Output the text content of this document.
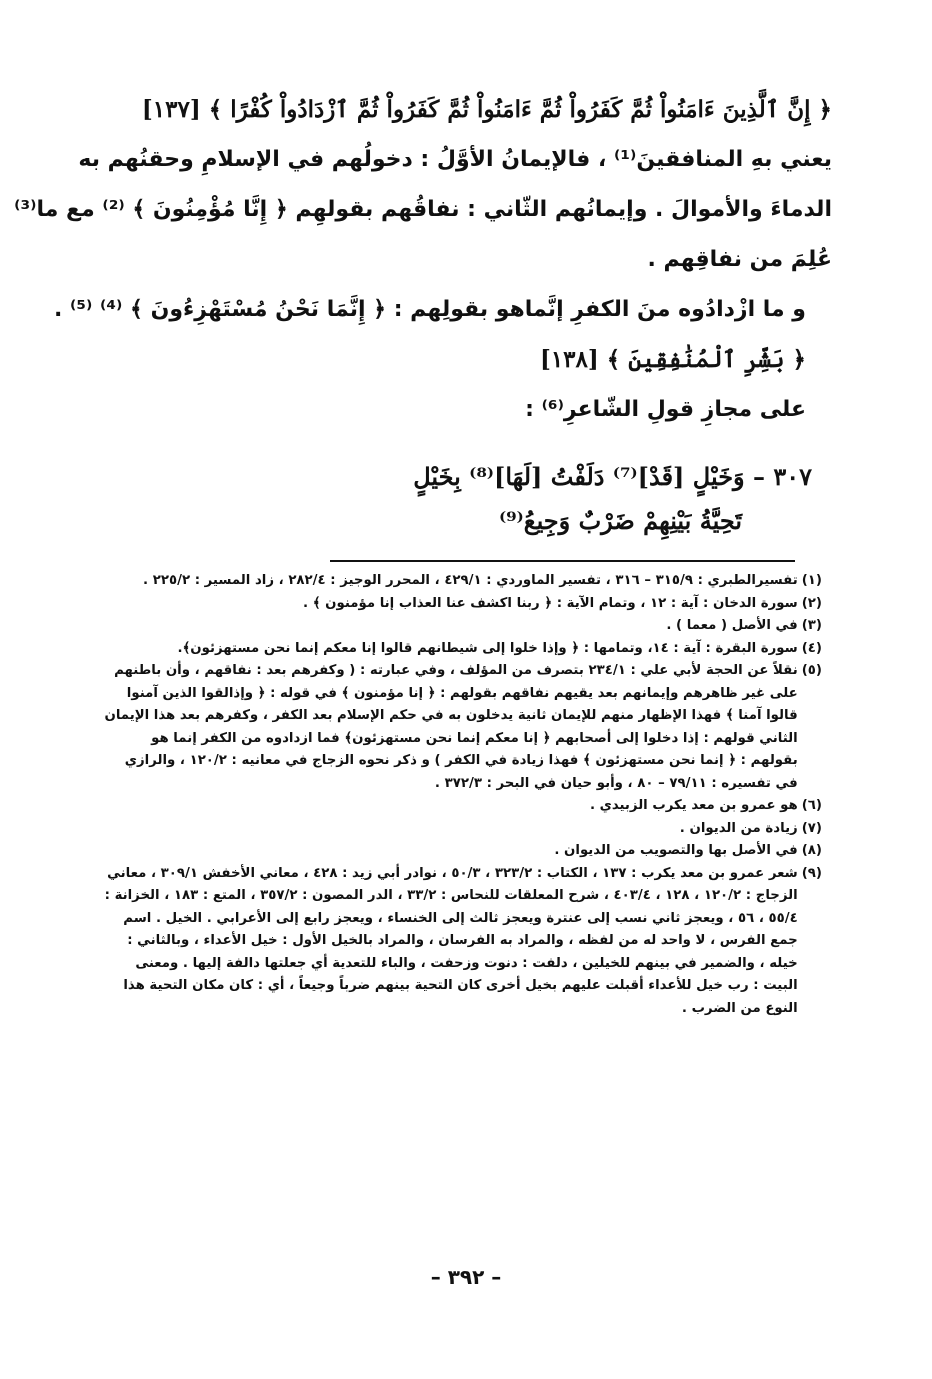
﴿ إِنَّ ٱلَّذِينَ ءَامَنُواْ ثُمَّ كَفَرُواْ ثُمَّ ءَامَنُواْ ثُمَّ كَفَرُواْ ثُمَّ ٱزْدَادُواْ كُفْرًا ﴾ [١٣٧]
يعني بهِ المنافقينَ⁽¹⁾ ، فالإيمانُ الأوَّلُ : دخولُهم في الإسلامِ وحقنُهم به
الدماءَ والأموالَ . وإيمانُهم الثّاني : نفاقُهم بقولهِم ﴿ إِنَّا مُؤْمِنُونَ ﴾ ⁽²⁾ مع ما⁽³⁾
عُلِمَ من نفاقِهم .
و ما ازْدادُوه منَ الكفرِ إنَّماهو بقولِهم : ﴿ إِنَّمَا نَحْنُ مُسْتَهْزِءُونَ ﴾ ⁽⁴⁾ ⁽⁵⁾ .
﴿ بَشِّرِ ٱلْمُنَٰفِقِينَ ﴾ [١٣٨]
على مجازِ قولِ الشّاعرِ⁽⁶⁾ :
٣٠٧ – وَخَيْلٍ [قَدْ]⁽⁷⁾ دَلَفْتُ [لَهَا]⁽⁸⁾ بِخَيْلٍ
تَحِيَّةُ بَيْنِهِمْ ضَرْبٌ وَجِيعُ⁽⁹⁾
(١)
تفسيرالطبري : ٣١٥/٩ – ٣١٦ ، تفسير الماوردي : ٤٢٩/١ ، المحرر الوجيز : ٢٨٢/٤ ، زاد المسير : ٢٢٥/٢ .
(٢)
سورة الدخان : آية : ١٢ ، وتمام الآية : ﴿ ربنا اكشف عنا العذاب إنا مؤمنون ﴾ .
(٣)
في الأصل ( معما ) .
(٤)
سورة البقرة : آية : ١٤، وتمامها : ﴿ وإذا خلوا إلى شيطانهم قالوا إنا معكم إنما نحن مستهزئون﴾.
(٥)
نقلاً عن الحجة لأبي علي : ٢٣٤/١ بتصرف من المؤلف ، وفي عبارته : ( وكفرهم بعد : نفاقهم ، وأن باطنهم على غير ظاهرهم وإيمانهم بعد يقيهم نفاقهم بقولهم : ﴿ إنا مؤمنون ﴾ في قوله : ﴿ وإذالقوا الذين آمنوا قالوا آمنا ﴾ فهذا الإظهار منهم للإيمان ثانية يدخلون به في حكم الإسلام بعد الكفر ، وكفرهم بعد هذا الإيمان الثاني قولهم : إذا دخلوا إلى أصحابهم ﴿ إنا معكم إنما نحن مستهزئون﴾ فما ازدادوه من الكفر إنما هو بقولهم : ﴿ إنما نحن مستهزئون ﴾ فهذا زيادة في الكفر ) و ذكر نحوه الزجاج في معانيه : ١٢٠/٢ ، والرازي في تفسيره : ٧٩/١١ – ٨٠ ، وأبو حيان في البحر : ٣٧٢/٣ .
(٦)
هو عمرو بن معد يكرب الزبيدي .
(٧)
زيادة من الديوان .
(٨)
في الأصل بها والتصويب من الديوان .
(٩)
شعر عمرو بن معد يكرب : ١٣٧ ، الكتاب : ٣٢٣/٢ ، ٥٠/٣ ، نوادر أبي زيد : ٤٢٨ ، معاني الأخفش ٣٠٩/١ ، معاني الزجاج : ١٢٠/٢ ، ١٢٨ ، ٤٠٣/٤ ، شرح المعلقات للنحاس : ٣٣/٢ ، الدر المصون : ٣٥٧/٢ ، المتع : ١٨٣ ، الخزانة : ٥٥/٤ ، ٥٦ ، ويعجز ثاني نسب إلى عنترة ويعجز ثالث إلى الخنساء ، ويعجز رابع إلى الأعرابي . الخيل . اسم جمع الفرس ، لا واحد له من لفظه ، والمراد به الفرسان ، والمراد بالخيل الأول : خيل الأعداء ، وبالثاني : خيله ، والضمير في بينهم للخيلين ، دلفت : دنوت وزحفت ، والباء للتعدية أي جعلتها دالفة إليها . ومعنى البيت : رب خيل للأعداء أقبلت عليهم بخيل أخرى كان التحية بينهم ضرباً وجيعاً ، أي : كان مكان التحية هذا النوع من الضرب .
– ٣٩٢ –
